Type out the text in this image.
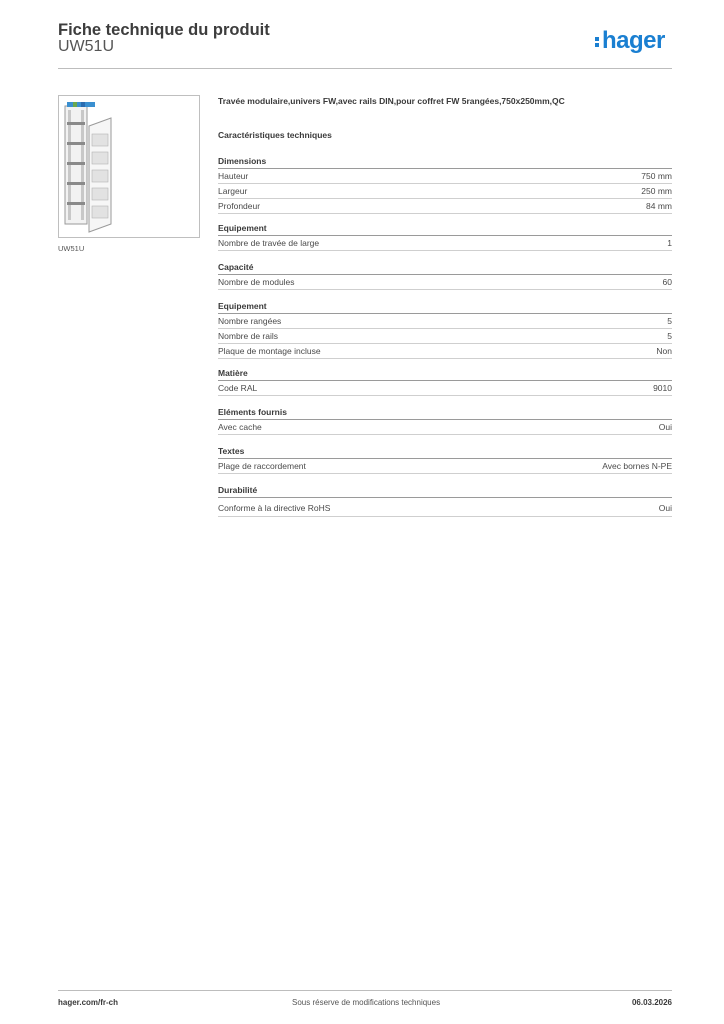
Fiche technique du produit
UW51U	hager
UW51U
Travée modulaire,univers FW,avec rails DIN,pour coffret FW 5rangées,750x250mm,QC
Caractéristiques techniques
Dimensions
Hauteur	750 mm
Largeur	250 mm
Profondeur	84 mm
Equipement
Nombre de travée de large	1
Capacité
Nombre de modules	60
Equipement
Nombre rangées	5
Nombre de rails	5
Plaque de montage incluse	Non
Matière
Code RAL	9010
Eléments fournis
Avec cache	Oui
Textes
Plage de raccordement	Avec bornes N-PE
Durabilité
Conforme à la directive RoHS	Oui
hager.com/fr-ch	Sous réserve de modifications techniques	06.03.2026
